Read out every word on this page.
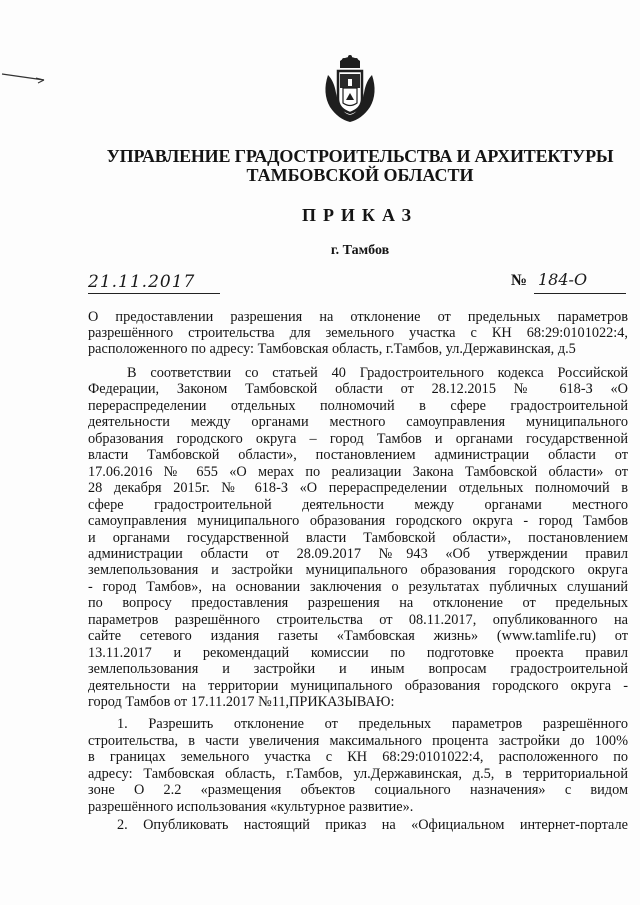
УПРАВЛЕНИЕ ГРАДОСТРОИТЕЛЬСТВА И АРХИТЕКТУРЫ
ТАМБОВСКОЙ ОБЛАСТИ
ПРИКАЗ
г. Тамбов
21.11.2017	№ 184-О
О предоставлении разрешения на отклонение от предельных параметров
разрешённого строительства для земельного участка с КН 68:29:0101022:4,
расположенного по адресу: Тамбовская область, г.Тамбов, ул.Державинская, д.5
В соответствии со статьей 40 Градостроительного кодекса Российской
Федерации, Законом Тамбовской области от 28.12.2015 № 618-З «О
перераспределении отдельных полномочий в сфере градостроительной
деятельности между органами местного самоуправления муниципального
образования городского округа – город Тамбов и органами государственной
власти Тамбовской области», постановлением администрации области от
17.06.2016 № 655 «О мерах по реализации Закона Тамбовской области» от
28 декабря 2015г. № 618-З «О перераспределении отдельных полномочий в
сфере градостроительной деятельности между органами местного
самоуправления муниципального образования городского округа - город Тамбов
и органами государственной власти Тамбовской области», постановлением
администрации области от 28.09.2017 №943 «Об утверждении правил
землепользования и застройки муниципального образования городского округа
- город Тамбов», на основании заключения о результатах публичных слушаний
по вопросу предоставления разрешения на отклонение от предельных
параметров разрешённого строительства от 08.11.2017, опубликованного на
сайте сетевого издания газеты «Тамбовская жизнь» (www.tamlife.ru) от
13.11.2017 и рекомендаций комиссии по подготовке проекта правил
землепользования и застройки и иным вопросам градостроительной
деятельности на территории муниципального образования городского округа -
город Тамбов от 17.11.2017 №11,ПРИКАЗЫВАЮ:
1. Разрешить отклонение от предельных параметров разрешённого
строительства, в части увеличения максимального процента застройки до 100%
в границах земельного участка с КН 68:29:0101022:4, расположенного по
адресу: Тамбовская область, г.Тамбов, ул.Державинская, д.5, в территориальной
зоне О 2.2 «размещения объектов социального назначения» с видом
разрешённого использования «культурное развитие».
2. Опубликовать настоящий приказ на «Официальном интернет-портале
